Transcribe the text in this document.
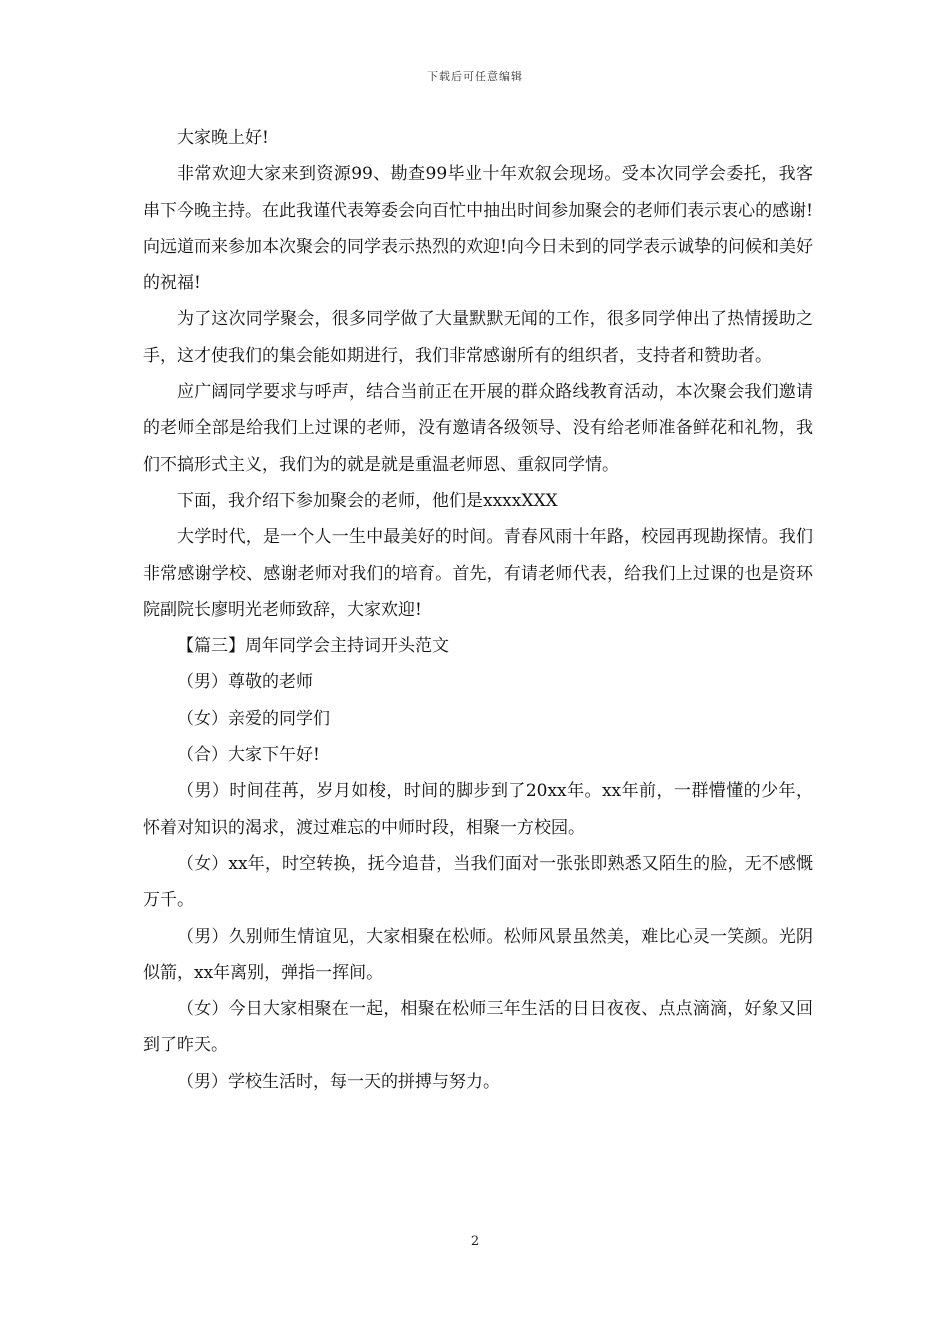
下载后可任意编辑

大家晚上好!

非常欢迎大家来到资源99、勘查99毕业十年欢叙会现场。受本次同学会委托，我客串下今晚主持。在此我谨代表筹委会向百忙中抽出时间参加聚会的老师们表示衷心的感谢!向远道而来参加本次聚会的同学表示热烈的欢迎!向今日未到的同学表示诚挚的问候和美好的祝福!

为了这次同学聚会，很多同学做了大量默默无闻的工作，很多同学伸出了热情援助之手，这才使我们的集会能如期进行，我们非常感谢所有的组织者，支持者和赞助者。

应广阔同学要求与呼声，结合当前正在开展的群众路线教育活动，本次聚会我们邀请的老师全部是给我们上过课的老师，没有邀请各级领导、没有给老师准备鲜花和礼物，我们不搞形式主义，我们为的就是就是重温老师恩、重叙同学情。

下面，我介绍下参加聚会的老师，他们是xxxxXXX

大学时代，是一个人一生中最美好的时间。青春风雨十年路，校园再现勘探情。我们非常感谢学校、感谢老师对我们的培育。首先，有请老师代表，给我们上过课的也是资环院副院长廖明光老师致辞，大家欢迎!

【篇三】周年同学会主持词开头范文

（男）尊敬的老师

（女）亲爱的同学们

（合）大家下午好!

（男）时间荏苒，岁月如梭，时间的脚步到了20xx年。xx年前，一群懵懂的少年，怀着对知识的渴求，渡过难忘的中师时段，相聚一方校园。

（女）xx年，时空转换，抚今追昔，当我们面对一张张即熟悉又陌生的脸，无不感慨万千。

（男）久别师生情谊见，大家相聚在松师。松师风景虽然美，难比心灵一笑颜。光阴似箭，xx年离别，弹指一挥间。

（女）今日大家相聚在一起，相聚在松师三年生活的日日夜夜、点点滴滴，好象又回到了昨天。

（男）学校生活时，每一天的拼搏与努力。

2
